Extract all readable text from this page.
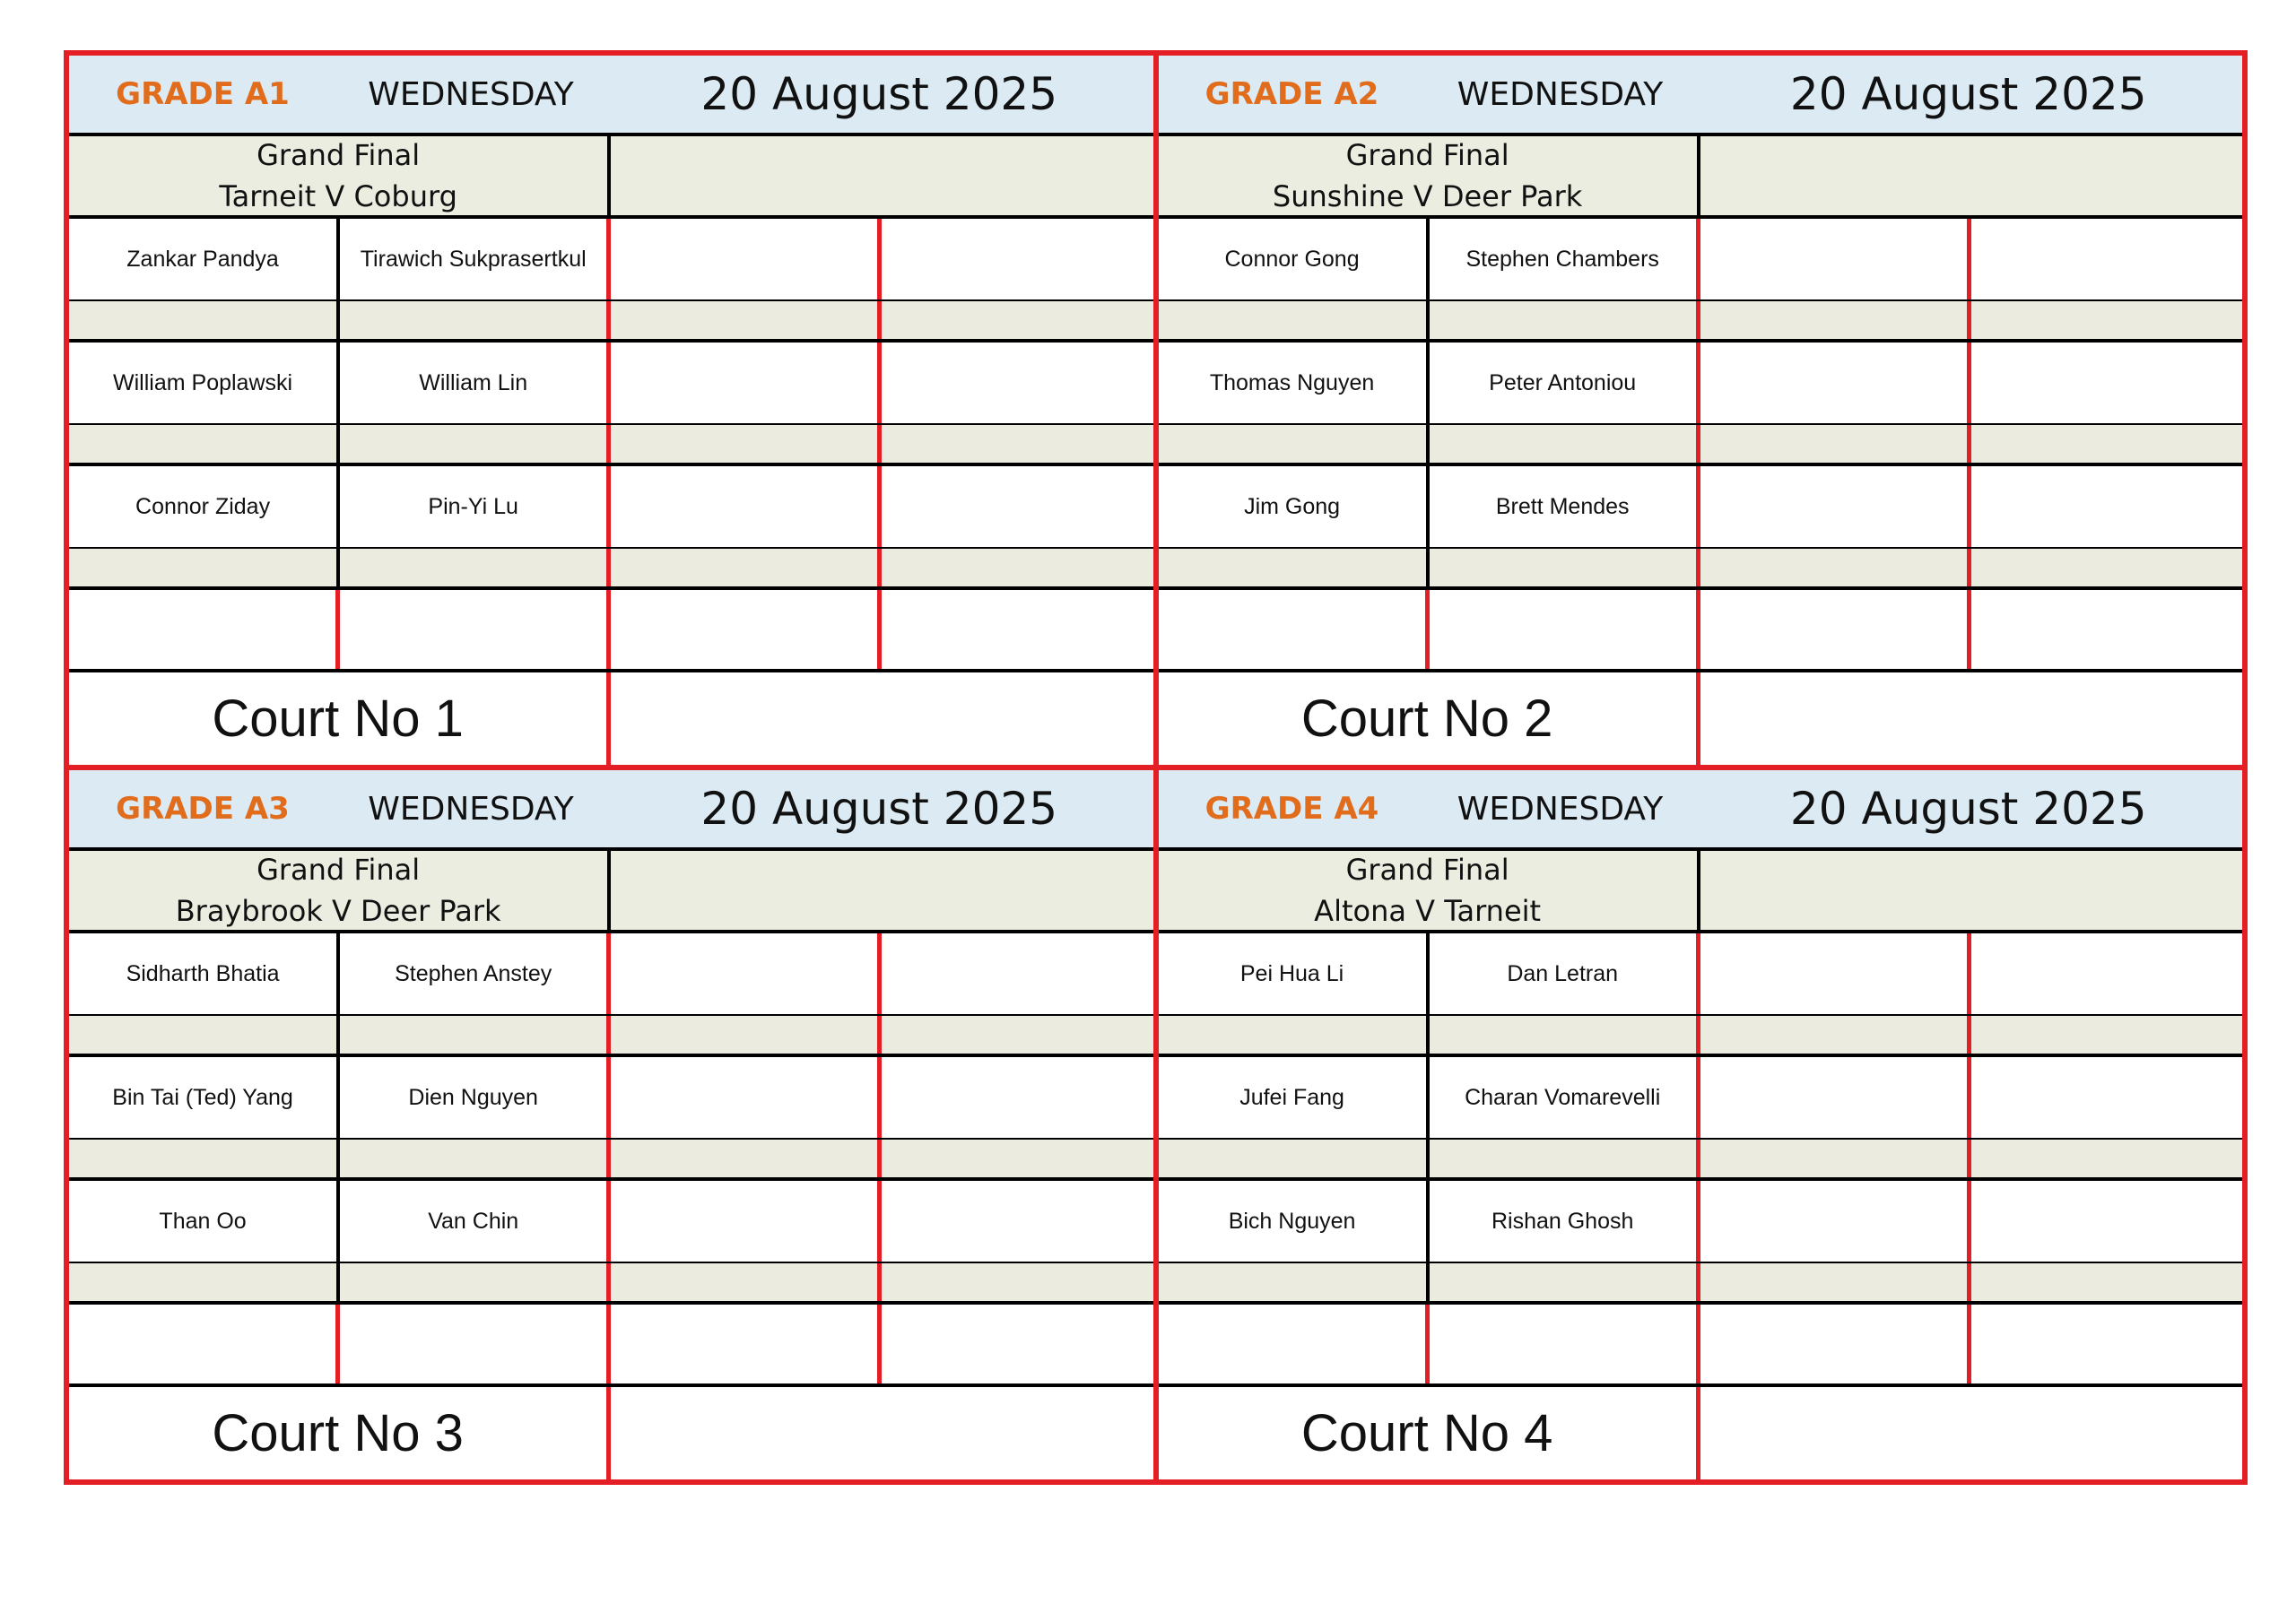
GRADE A1	WEDNESDAY	20 August 2025
Grand Final
Tarneit V Coburg
Zankar Pandya	Tirawich Sukprasertkul
William Poplawski	William Lin
Connor Ziday	Pin-Yi Lu
Court No 1
GRADE A2	WEDNESDAY	20 August 2025
Grand Final
Sunshine V Deer Park
Connor Gong	Stephen Chambers
Thomas Nguyen	Peter Antoniou
Jim Gong	Brett Mendes
Court No 2
GRADE A3	WEDNESDAY	20 August 2025
Grand Final
Braybrook V Deer Park
Sidharth Bhatia	Stephen Anstey
Bin Tai (Ted) Yang	Dien Nguyen
Than Oo	Van Chin
Court No 3
GRADE A4	WEDNESDAY	20 August 2025
Grand Final
Altona V Tarneit
Pei Hua Li	Dan Letran
Jufei Fang	Charan Vomarevelli
Bich Nguyen	Rishan Ghosh
Court No 4
